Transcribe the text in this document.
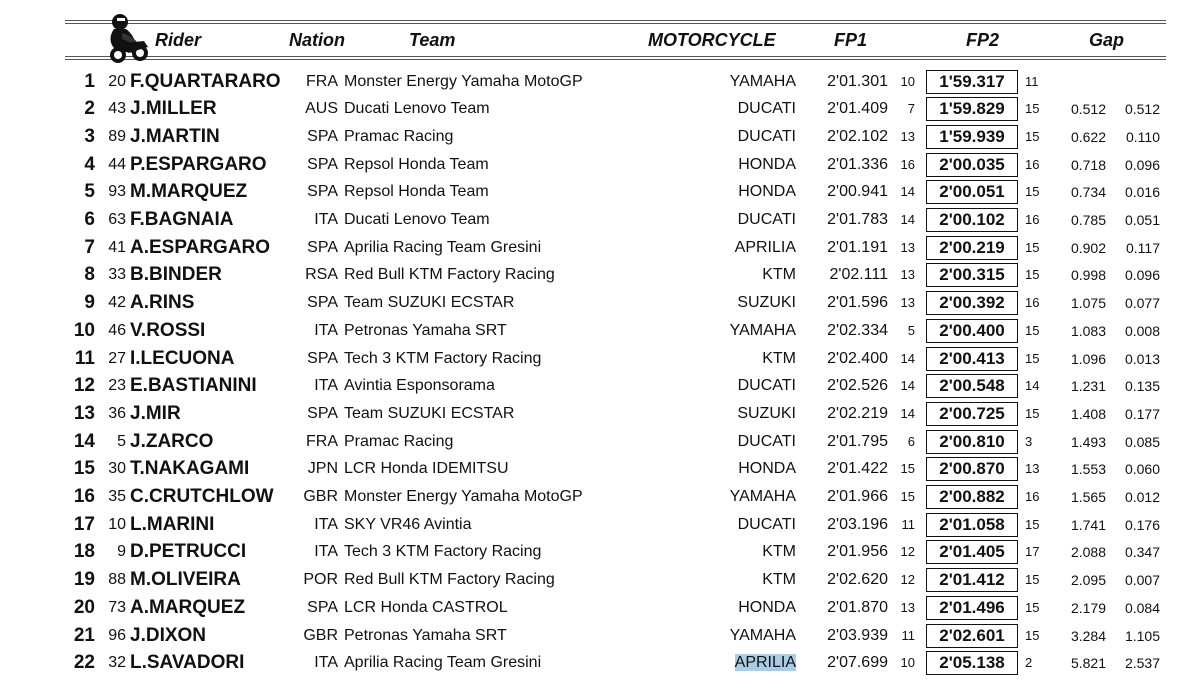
Rider	Nation	Team	MOTORCYCLE	FP1	FP2	Gap
1 20 F.QUARTARARO	FRA Monster Energy Yamaha MotoGP	YAMAHA	2'01.301 10	1'59.317	11
2 43 J.MILLER	AUS Ducati Lenovo Team	DUCATI	2'01.409	7	1'59.829	15	0.512	0.512
3 89 J.MARTIN	SPA Pramac Racing	DUCATI	2'02.102 13	1'59.939	15	0.622	0.110
4 44 P.ESPARGARO	SPA Repsol Honda Team	HONDA	2'01.336 16	2'00.035	16	0.718	0.096
5 93 M.MARQUEZ	SPA Repsol Honda Team	HONDA	2'00.941 14	2'00.051	15	0.734	0.016
6 63 F.BAGNAIA	ITA Ducati Lenovo Team	DUCATI	2'01.783 14	2'00.102	16	0.785	0.051
7 41 A.ESPARGARO	SPA Aprilia Racing Team Gresini	APRILIA	2'01.191 13	2'00.219	15	0.902	0.117
8 33 B.BINDER	RSA Red Bull KTM Factory Racing	KTM	2'02.111 13	2'00.315	15	0.998	0.096
9 42 A.RINS	SPA Team SUZUKI ECSTAR	SUZUKI	2'01.596 13	2'00.392	16	1.075	0.077
10 46 V.ROSSI	ITA Petronas Yamaha SRT	YAMAHA	2'02.334	5	2'00.400	15	1.083	0.008
11 27 I.LECUONA	SPA Tech 3 KTM Factory Racing	KTM	2'02.400 14	2'00.413	15	1.096	0.013
12 23 E.BASTIANINI	ITA Avintia Esponsorama	DUCATI	2'02.526 14	2'00.548	14	1.231	0.135
13 36 J.MIR	SPA Team SUZUKI ECSTAR	SUZUKI	2'02.219 14	2'00.725	15	1.408	0.177
14	5 J.ZARCO	FRA Pramac Racing	DUCATI	2'01.795	6	2'00.810	3	1.493	0.085
15 30 T.NAKAGAMI	JPN LCR Honda IDEMITSU	HONDA	2'01.422 15	2'00.870	13	1.553	0.060
16 35 C.CRUTCHLOW	GBR Monster Energy Yamaha MotoGP	YAMAHA	2'01.966 15	2'00.882	16	1.565	0.012
17 10 L.MARINI	ITA SKY VR46 Avintia	DUCATI	2'03.196	11	2'01.058	15	1.741	0.176
18	9 D.PETRUCCI	ITA Tech 3 KTM Factory Racing	KTM	2'01.956 12	2'01.405	17	2.088	0.347
19 88 M.OLIVEIRA	POR Red Bull KTM Factory Racing	KTM	2'02.620 12	2'01.412	15	2.095	0.007
20 73 A.MARQUEZ	SPA LCR Honda CASTROL	HONDA	2'01.870 13	2'01.496	15	2.179	0.084
21 96 J.DIXON	GBR Petronas Yamaha SRT	YAMAHA	2'03.939	11	2'02.601	15	3.284	1.105
22 32 L.SAVADORI	ITA Aprilia Racing Team Gresini	APRILIA	2'07.699 10	2'05.138	2	5.821	2.537
